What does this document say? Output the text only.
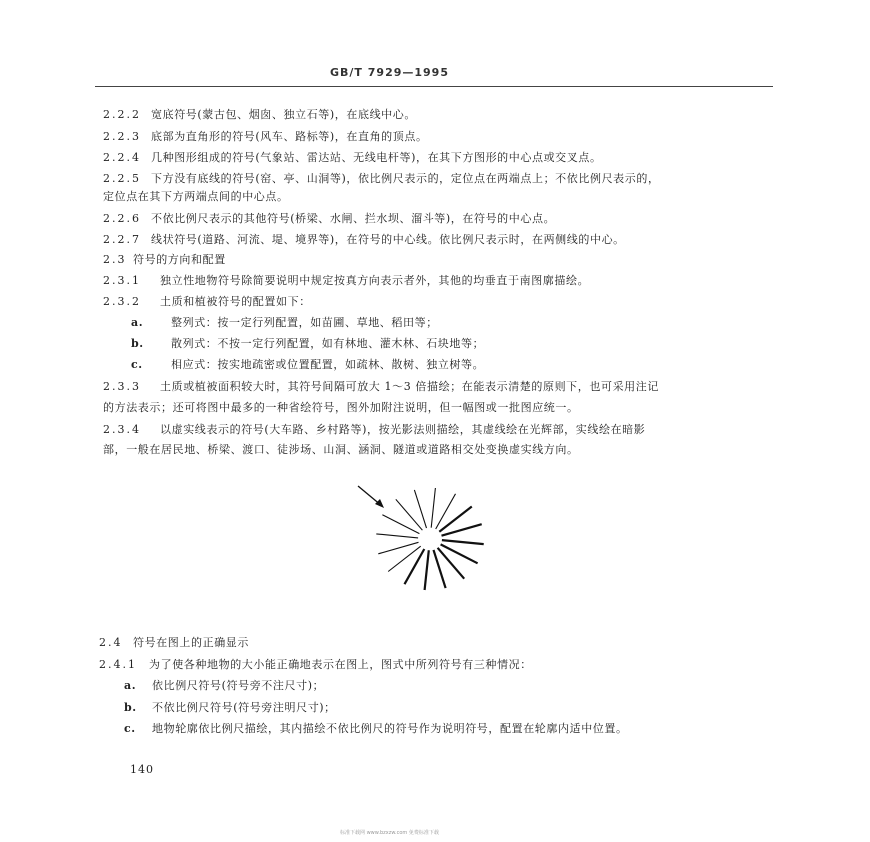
GB/T 7929—1995
2.2.2 宽底符号(蒙古包、烟囱、独立石等)，在底线中心。
2.2.3 底部为直角形的符号(风车、路标等)，在直角的顶点。
2.2.4 几种图形组成的符号(气象站、雷达站、无线电杆等)，在其下方图形的中心点或交叉点。
2.2.5 下方没有底线的符号(窑、亭、山洞等)，依比例尺表示的，定位点在两端点上；不依比例尺表示的，
定位点在其下方两端点间的中心点。
2.2.6 不依比例尺表示的其他符号(桥梁、水闸、拦水坝、溜斗等)，在符号的中心点。
2.2.7 线状符号(道路、河流、堤、境界等)，在符号的中心线。依比例尺表示时，在两侧线的中心。
2.3 符号的方向和配置
2.3.1 独立性地物符号除简要说明中规定按真方向表示者外，其他的均垂直于南图廓描绘。
2.3.2 土质和植被符号的配置如下：
a.	整列式：按一定行列配置，如苗圃、草地、稻田等；
b. 散列式：不按一定行列配置，如有林地、灌木林、石块地等；
c.	相应式：按实地疏密或位置配置，如疏林、散树、独立树等。
2.3.3 土质或植被面积较大时，其符号间隔可放大 1～3 倍描绘；在能表示清楚的原则下，也可采用注记
的方法表示；还可将图中最多的一种省绘符号，图外加附注说明，但一幅图或一批图应统一。
2.3.4 以虚实线表示的符号(大车路、乡村路等)，按光影法则描绘，其虚线绘在光辉部，实线绘在暗影
部，一般在居民地、桥梁、渡口、徒涉场、山洞、涵洞、隧道或道路相交处变换虚实线方向。
2.4 符号在图上的正确显示
2.4.1 为了使各种地物的大小能正确地表示在图上，图式中所列符号有三种情况：
a. 依比例尺符号(符号旁不注尺寸)；
b. 不依比例尺符号(符号旁注明尺寸)；
c. 地物轮廓依比例尺描绘，其内描绘不依比例尺的符号作为说明符号，配置在轮廓内适中位置。
140
标准下载网 www.bzxzw.com 免费标准下载
